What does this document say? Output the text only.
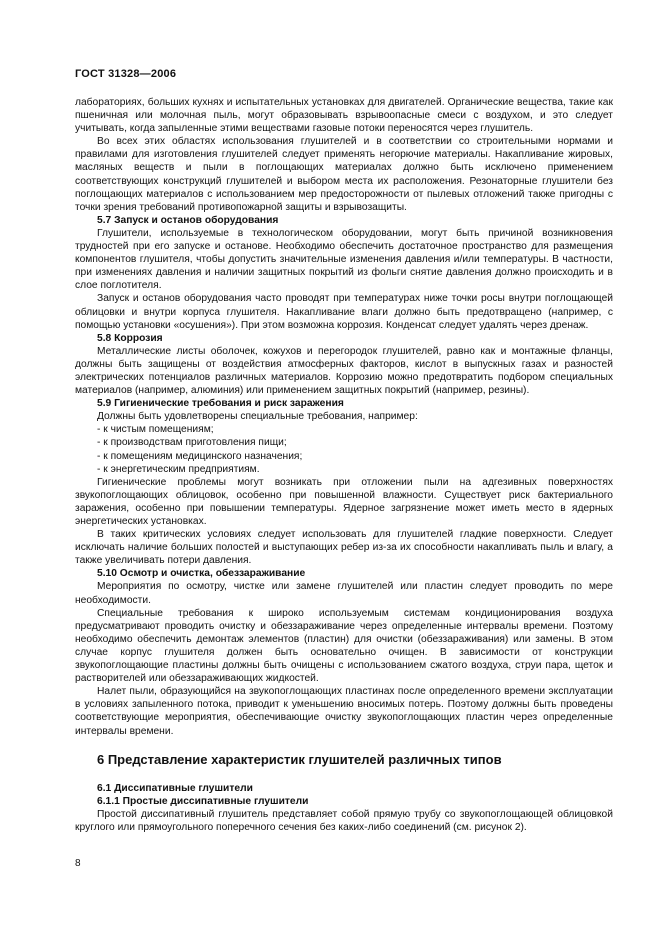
ГОСТ 31328—2006

лабораториях, больших кухнях и испытательных установках для двигателей. Органические вещества, такие как пшеничная или молочная пыль, могут образовывать взрывоопасные смеси с воздухом, и это следует учитывать, когда запыленные этими веществами газовые потоки переносятся через глушитель.

Во всех этих областях использования глушителей и в соответствии со строительными нормами и правилами для изготовления глушителей следует применять негорючие материалы. Накапливание жировых, масляных веществ и пыли в поглощающих материалах должно быть исключено применением соответствующих конструкций глушителей и выбором места их расположения. Резонаторные глушители без поглощающих материалов с использованием мер предосторожности от пылевых отложений также пригодны с точки зрения требований противопожарной защиты и взрывозащиты.

5.7 Запуск и останов оборудования

Глушители, используемые в технологическом оборудовании, могут быть причиной возникновения трудностей при его запуске и останове. Необходимо обеспечить достаточное пространство для размещения компонентов глушителя, чтобы допустить значительные изменения давления и/или температуры. В частности, при изменениях давления и наличии защитных покрытий из фольги снятие давления должно происходить и в слое поглотителя.

Запуск и останов оборудования часто проводят при температурах ниже точки росы внутри поглощающей облицовки и внутри корпуса глушителя. Накапливание влаги должно быть предотвращено (например, с помощью установки «осушения»). При этом возможна коррозия. Конденсат следует удалять через дренаж.

5.8 Коррозия

Металлические листы оболочек, кожухов и перегородок глушителей, равно как и монтажные фланцы, должны быть защищены от воздействия атмосферных факторов, кислот в выпускных газах и разностей электрических потенциалов различных материалов. Коррозию можно предотвратить подбором специальных материалов (например, алюминия) или применением защитных покрытий (например, резины).

5.9 Гигиенические требования и риск заражения

Должны быть удовлетворены специальные требования, например:

- к чистым помещениям;
- к производствам приготовления пищи;
- к помещениям медицинского назначения;
- к энергетическим предприятиям.

Гигиенические проблемы могут возникать при отложении пыли на адгезивных поверхностях звукопоглощающих облицовок, особенно при повышенной влажности. Существует риск бактериального заражения, особенно при повышении температуры. Ядерное загрязнение может иметь место в ядерных энергетических установках.

В таких критических условиях следует использовать для глушителей гладкие поверхности. Следует исключать наличие больших полостей и выступающих ребер из-за их способности накапливать пыль и влагу, а также увеличивать потери давления.

5.10 Осмотр и очистка, обеззараживание

Мероприятия по осмотру, чистке или замене глушителей или пластин следует проводить по мере необходимости.

Специальные требования к широко используемым системам кондиционирования воздуха предусматривают проводить очистку и обеззараживание через определенные интервалы времени. Поэтому необходимо обеспечить демонтаж элементов (пластин) для очистки (обеззараживания) или замены. В этом случае корпус глушителя должен быть основательно очищен. В зависимости от конструкции звукопоглощающие пластины должны быть очищены с использованием сжатого воздуха, струи пара, щеток и растворителей или обеззараживающих жидкостей.

Налет пыли, образующийся на звукопоглощающих пластинах после определенного времени эксплуатации в условиях запыленного потока, приводит к уменьшению вносимых потерь. Поэтому должны быть проведены соответствующие мероприятия, обеспечивающие очистку звукопоглощающих пластин через определенные интервалы времени.

6 Представление характеристик глушителей различных типов
6.1 Диссипативные глушители
6.1.1 Простые диссипативные глушители

Простой диссипативный глушитель представляет собой прямую трубу со звукопоглощающей облицовкой круглого или прямоугольного поперечного сечения без каких-либо соединений (см. рисунок 2).

8
